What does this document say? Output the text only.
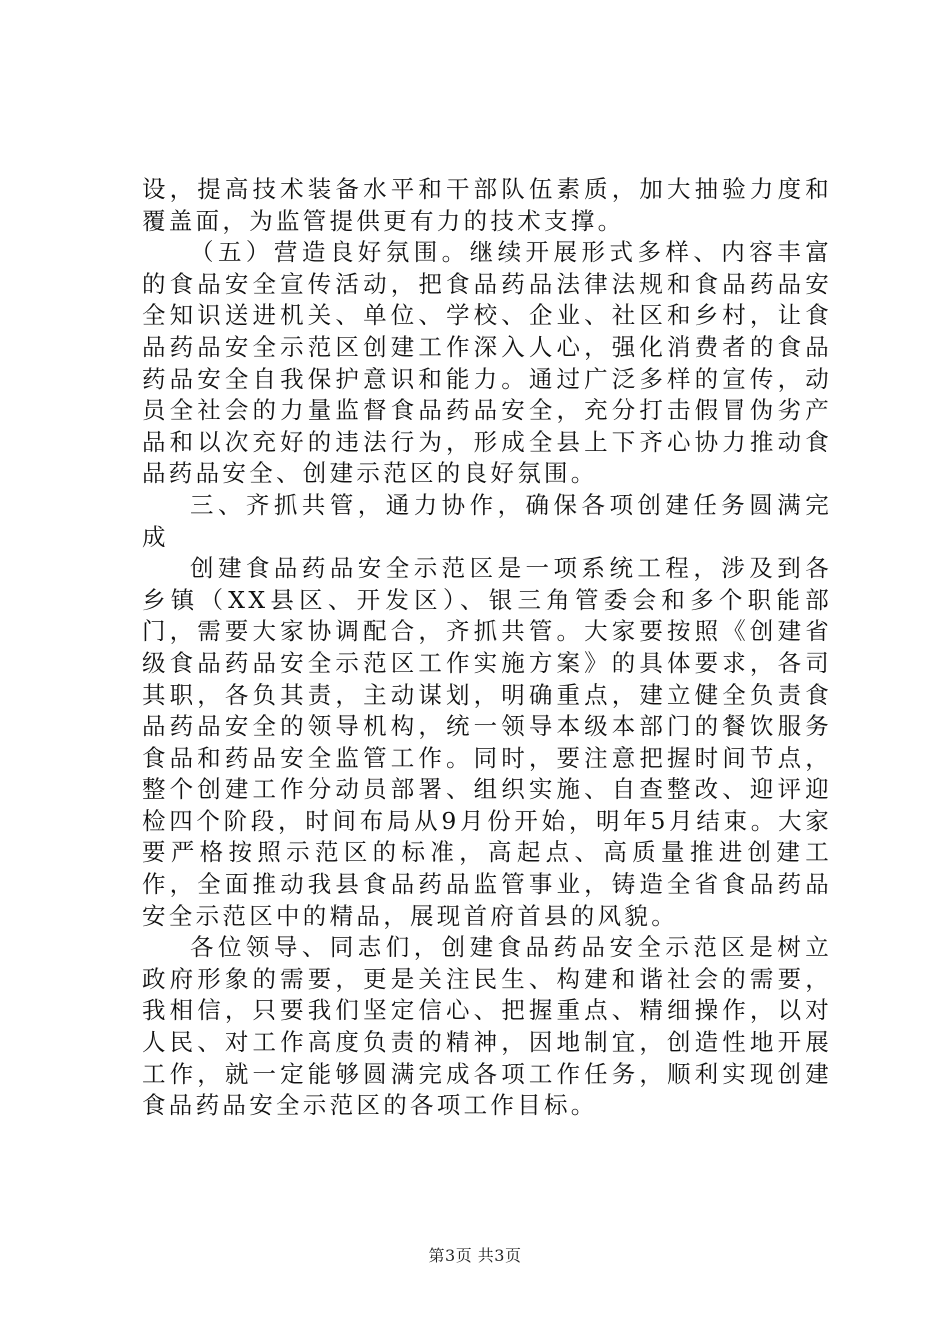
设，提高技术装备水平和干部队伍素质，加大抽验力度和覆盖面，为监管提供更有力的技术支撑。

（五）营造良好氛围。继续开展形式多样、内容丰富的食品安全宣传活动，把食品药品法律法规和食品药品安全知识送进机关、单位、学校、企业、社区和乡村，让食品药品安全示范区创建工作深入人心，强化消费者的食品药品安全自我保护意识和能力。通过广泛多样的宣传，动员全社会的力量监督食品药品安全，充分打击假冒伪劣产品和以次充好的违法行为，形成全县上下齐心协力推动食品药品安全、创建示范区的良好氛围。

三、齐抓共管，通力协作，确保各项创建任务圆满完成

创建食品药品安全示范区是一项系统工程，涉及到各乡镇（XX县区、开发区）、银三角管委会和多个职能部门，需要大家协调配合，齐抓共管。大家要按照《创建省级食品药品安全示范区工作实施方案》的具体要求，各司其职，各负其责，主动谋划，明确重点，建立健全负责食品药品安全的领导机构，统一领导本级本部门的餐饮服务食品和药品安全监管工作。同时，要注意把握时间节点，整个创建工作分动员部署、组织实施、自查整改、迎评迎检四个阶段，时间布局从9月份开始，明年5月结束。大家要严格按照示范区的标准，高起点、高质量推进创建工作，全面推动我县食品药品监管事业，铸造全省食品药品安全示范区中的精品，展现首府首县的风貌。

各位领导、同志们，创建食品药品安全示范区是树立政府形象的需要，更是关注民生、构建和谐社会的需要，我相信，只要我们坚定信心、把握重点、精细操作，以对人民、对工作高度负责的精神，因地制宜，创造性地开展工作，就一定能够圆满完成各项工作任务，顺利实现创建食品药品安全示范区的各项工作目标。

第3页 共3页
